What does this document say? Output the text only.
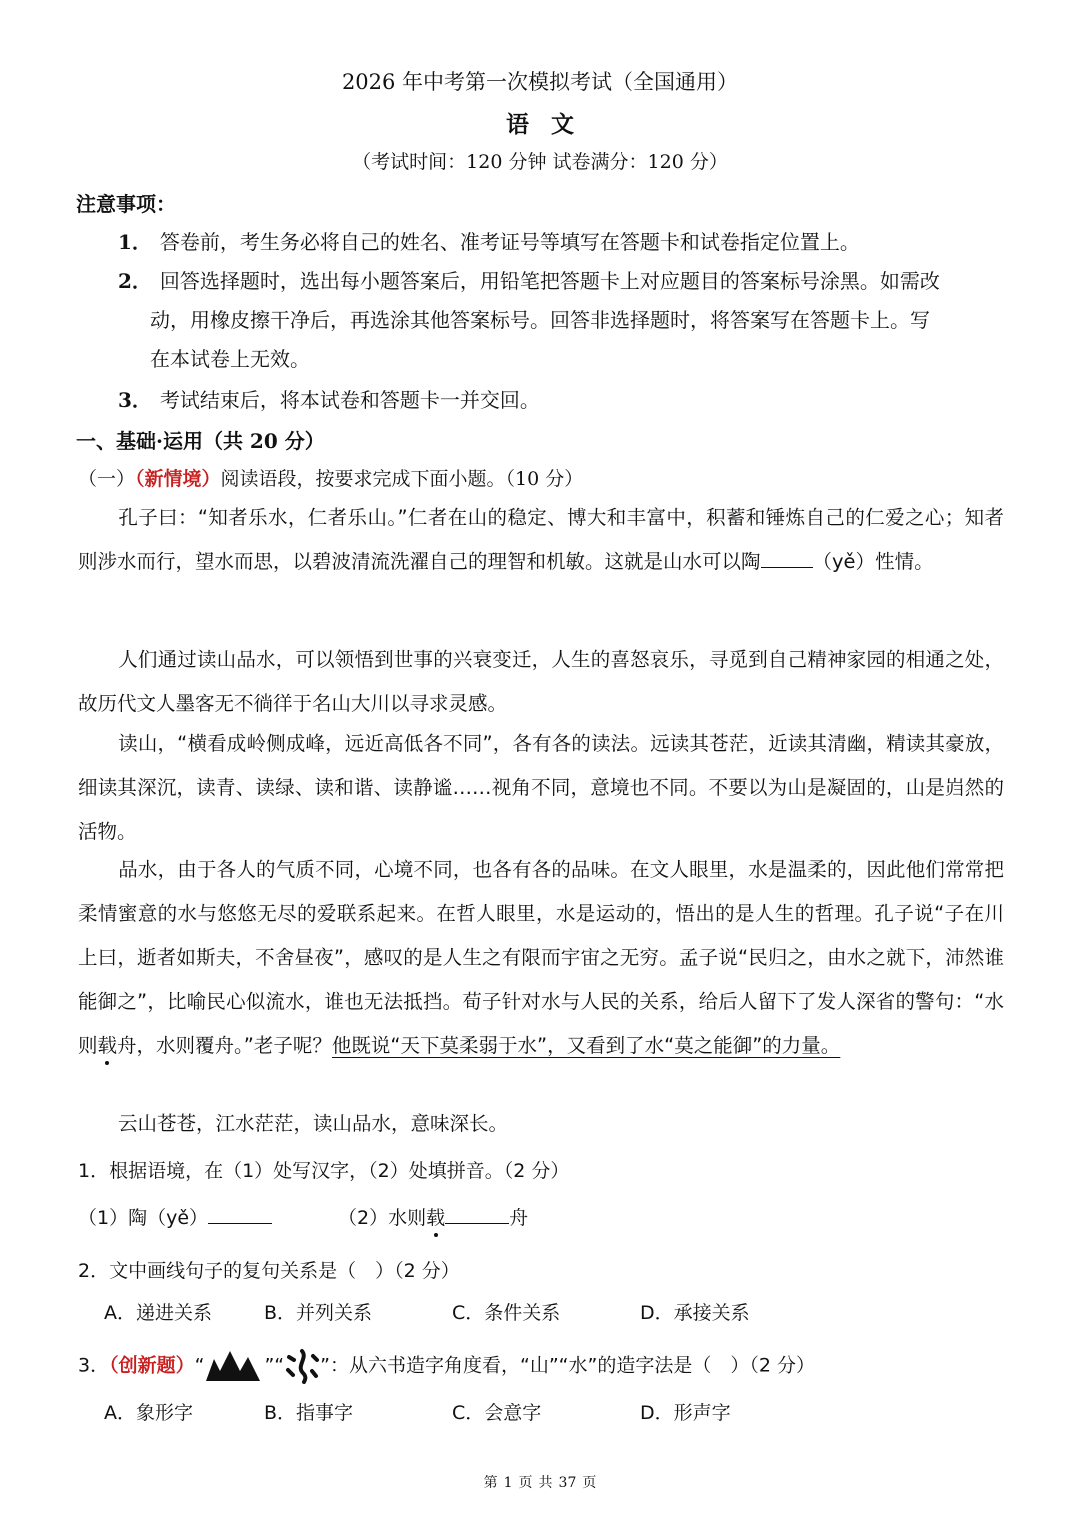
2026 年中考第一次模拟考试（全国通用）
语文
（考试时间：120 分钟 试卷满分：120 分）
注意事项：
1． 答卷前，考生务必将自己的姓名、准考证号等填写在答题卡和试卷指定位置上。
2． 回答选择题时，选出每小题答案后，用铅笔把答题卡上对应题目的答案标号涂黑。如需改
动，用橡皮擦干净后，再选涂其他答案标号。回答非选择题时，将答案写在答题卡上。写
在本试卷上无效。
3． 考试结束后，将本试卷和答题卡一并交回。
一、基础·运用（共 20 分）
（一）（新情境）阅读语段，按要求完成下面小题。（10 分）
孔子曰：“知者乐水，仁者乐山。”仁者在山的稳定、博大和丰富中，积蓄和锤炼自己的仁爱之心；知者则涉水而行，望水而思，以碧波清流洗濯自己的理智和机敏。这就是山水可以陶	（yě）性情。
人们通过读山品水，可以领悟到世事的兴衰变迁，人生的喜怒哀乐，寻觅到自己精神家园的相通之处，故历代文人墨客无不徜徉于名山大川以寻求灵感。
读山，“横看成岭侧成峰，远近高低各不同”，各有各的读法。远读其苍茫，近读其清幽，精读其豪放，细读其深沉，读青、读绿、读和谐、读静谧……视角不同，意境也不同。不要以为山是凝固的，山是岿然的活物。
品水，由于各人的气质不同，心境不同，也各有各的品味。在文人眼里，水是温柔的，因此他们常常把柔情蜜意的水与悠悠无尽的爱联系起来。在哲人眼里，水是运动的，悟出的是人生的哲理。孔子说“子在川上曰，逝者如斯夫，不舍昼夜”，感叹的是人生之有限而宇宙之无穷。孟子说“民归之，由水之就下，沛然谁能御之”，比喻民心似流水，谁也无法抵挡。荀子针对水与人民的关系，给后人留下了发人深省的警句：“水则载舟，水则覆舟。”老子呢？他既说“天下莫柔弱于水”，又看到了水“莫之能御”的力量。
云山苍苍，江水茫茫，读山品水，意味深长。
1．根据语境，在（1）处写汉字，（2）处填拼音。（2 分）
（1）陶（yě）	（2）水则载	舟
2．文中画线句子的复句关系是（　）（2 分）
A．递进关系	B．并列关系	C．条件关系	D．承接关系
3．（创新题）“	”“ ”：从六书造字角度看，“山”“水”的造字法是（　）（2 分）
A．象形字	B．指事字	C．会意字	D．形声字
第 1 页 共 37 页
